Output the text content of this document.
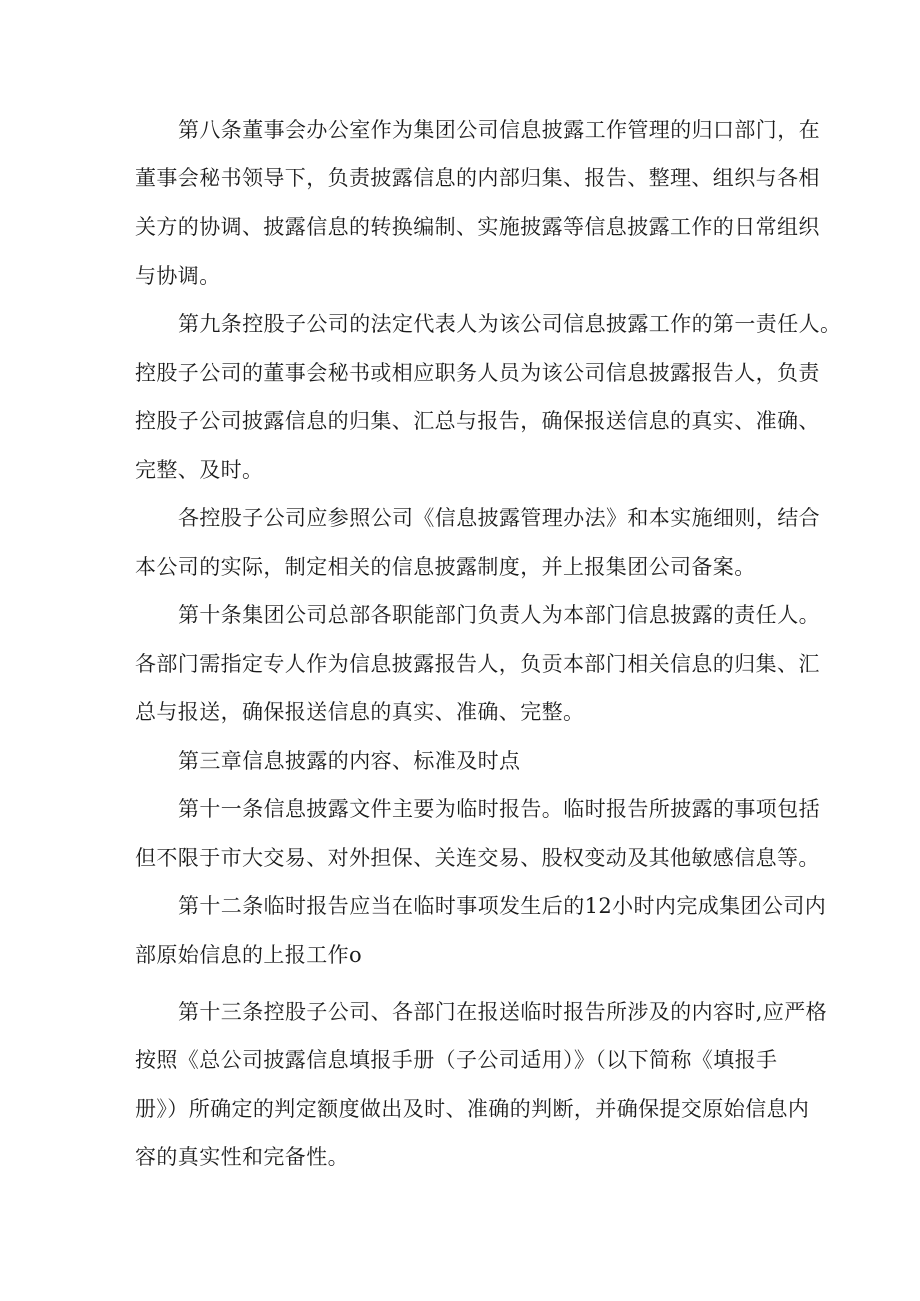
第八条董事会办公室作为集团公司信息披露工作管理的归口部门，在
董事会秘书领导下，负责披露信息的内部归集、报告、整理、组织与各相
关方的协调、披露信息的转换编制、实施披露等信息披露工作的日常组织
与协调。
第九条控股子公司的法定代表人为该公司信息披露工作的第一责任人。
控股子公司的董事会秘书或相应职务人员为该公司信息披露报告人，负责
控股子公司披露信息的归集、汇总与报告，确保报送信息的真实、准确、
完整、及时。
各控股子公司应参照公司《信息披露管理办法》和本实施细则，结合
本公司的实际，制定相关的信息披露制度，并上报集团公司备案。
第十条集团公司总部各职能部门负责人为本部门信息披露的责任人。
各部门需指定专人作为信息披露报告人，负贡本部门相关信息的归集、汇
总与报送，确保报送信息的真实、准确、完整。
第三章信息披露的内容、标准及时点
第十一条信息披露文件主要为临时报告。临时报告所披露的事项包括
但不限于市大交易、对外担保、关连交易、股权变动及其他敏感信息等。
第十二条临时报告应当在临时事项发生后的12小时内完成集团公司内
部原始信息的上报工作o
第十三条控股子公司、各部门在报送临时报告所涉及的内容时,应严格
按照《总公司披露信息填报手册（子公司适用）》（以下简称《填报手
册》）所确定的判定额度做出及时、准确的判断，并确保提交原始信息内
容的真实性和完备性。
